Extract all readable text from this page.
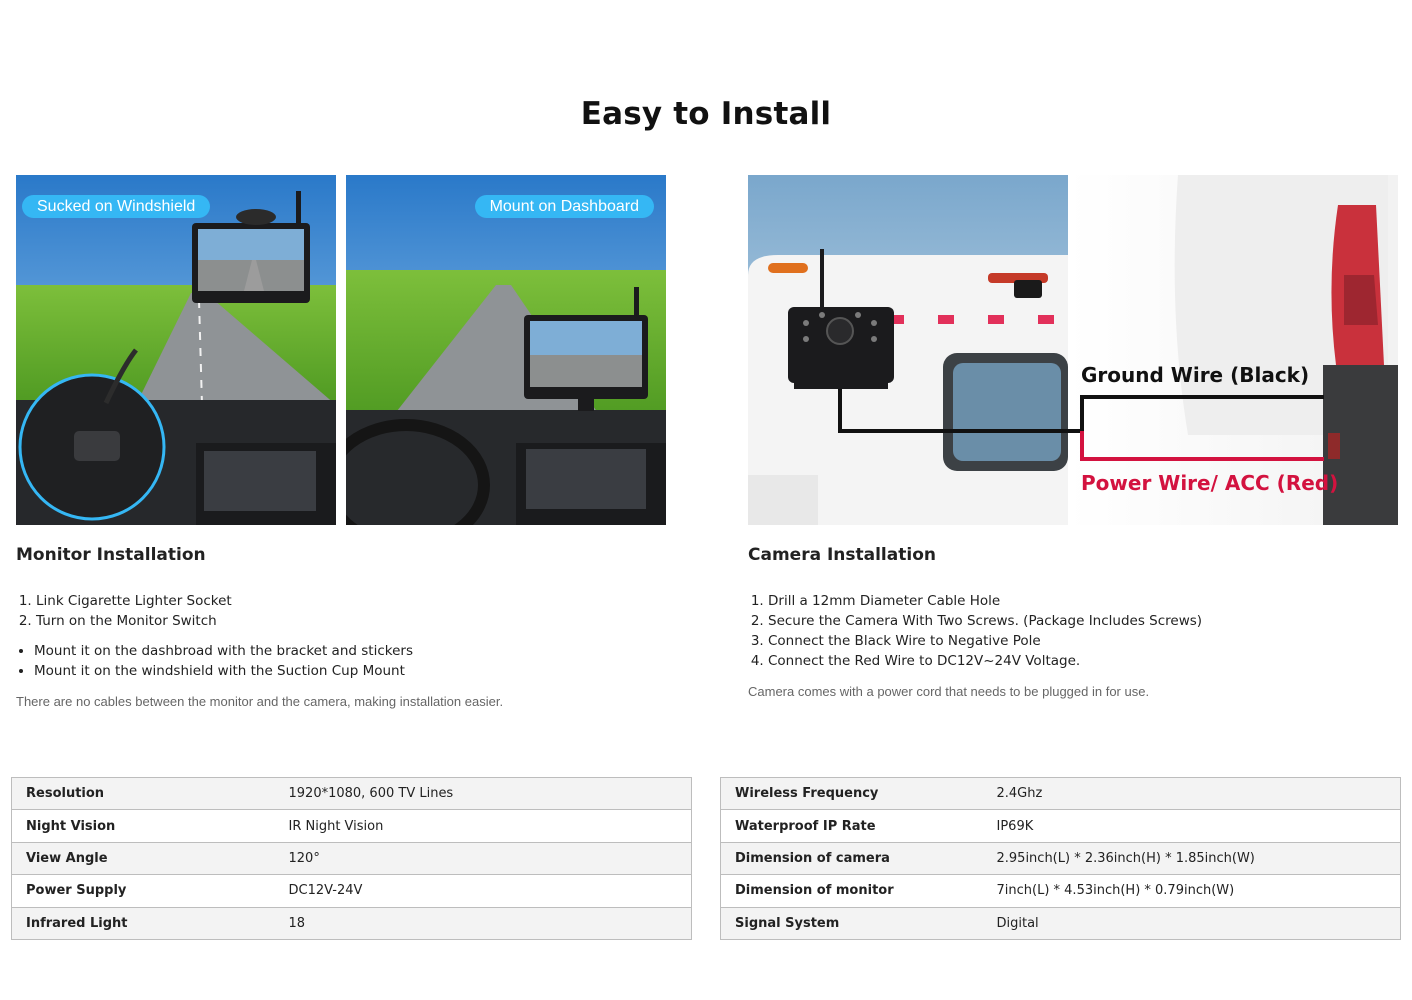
Easy to Install
Sucked on Windshield	Mount on Dashboard
Ground Wire (Black)
Power Wire/ ACC (Red)
Monitor Installation
1. Link Cigarette Lighter Socket
2. Turn on the Monitor Switch
• Mount it on the dashbroad with the bracket and stickers
• Mount it on the windshield with the Suction Cup Mount
There are no cables between the monitor and the camera, making installation easier.
Camera Installation
1. Drill a 12mm Diameter Cable Hole
2. Secure the Camera With Two Screws. (Package Includes Screws)
3. Connect the Black Wire to Negative Pole
4. Connect the Red Wire to DC12V~24V Voltage.
Camera comes with a power cord that needs to be plugged in for use.
Resolution	1920*1080, 600 TV Lines
Night Vision	IR Night Vision
View Angle	120°
Power Supply	DC12V-24V
Infrared Light	18
Wireless Frequency	2.4Ghz
Waterproof IP Rate	IP69K
Dimension of camera	2.95inch(L) * 2.36inch(H) * 1.85inch(W)
Dimension of monitor	7inch(L) * 4.53inch(H) * 0.79inch(W)
Signal System	Digital
